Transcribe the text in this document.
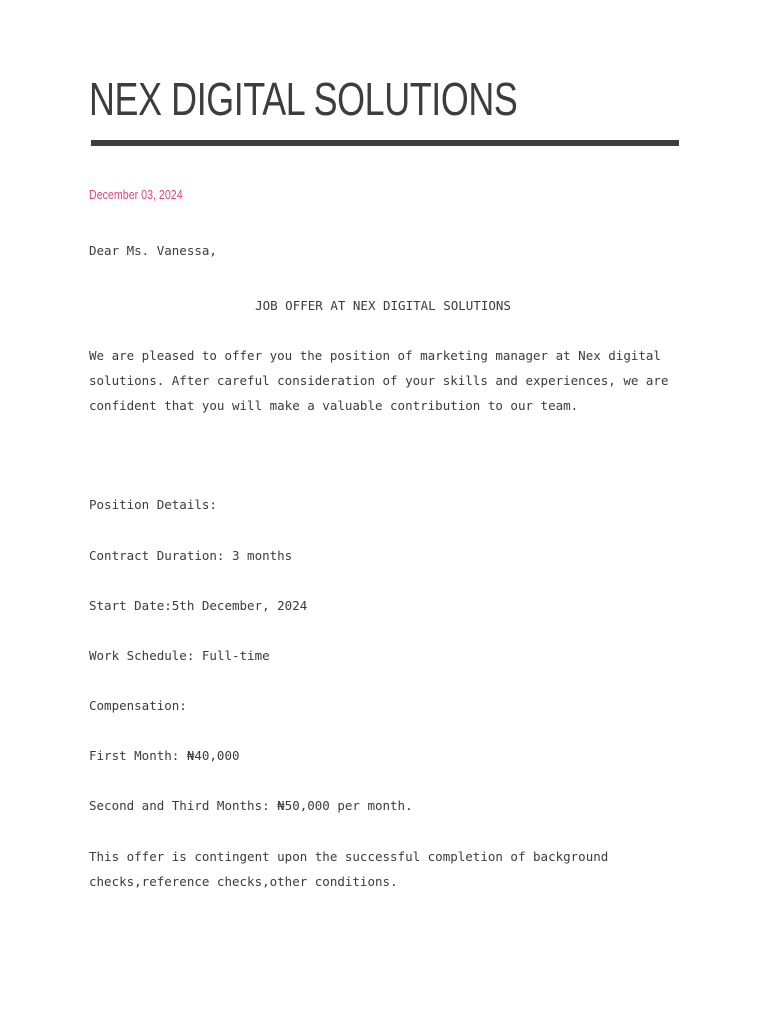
NEX DIGITAL SOLUTIONS
December 03, 2024
Dear Ms. Vanessa,
JOB OFFER AT NEX DIGITAL SOLUTIONS

We are pleased to offer you the position of marketing manager at Nex digital
solutions. After careful consideration of your skills and experiences, we are
confident that you will make a valuable contribution to our team.

Position Details:
Contract Duration: 3 months
Start Date:5th December, 2024
Work Schedule: Full-time
Compensation:
First Month: ₦40,000
Second and Third Months: ₦50,000 per month.

This offer is contingent upon the successful completion of background
checks,reference checks,other conditions.
